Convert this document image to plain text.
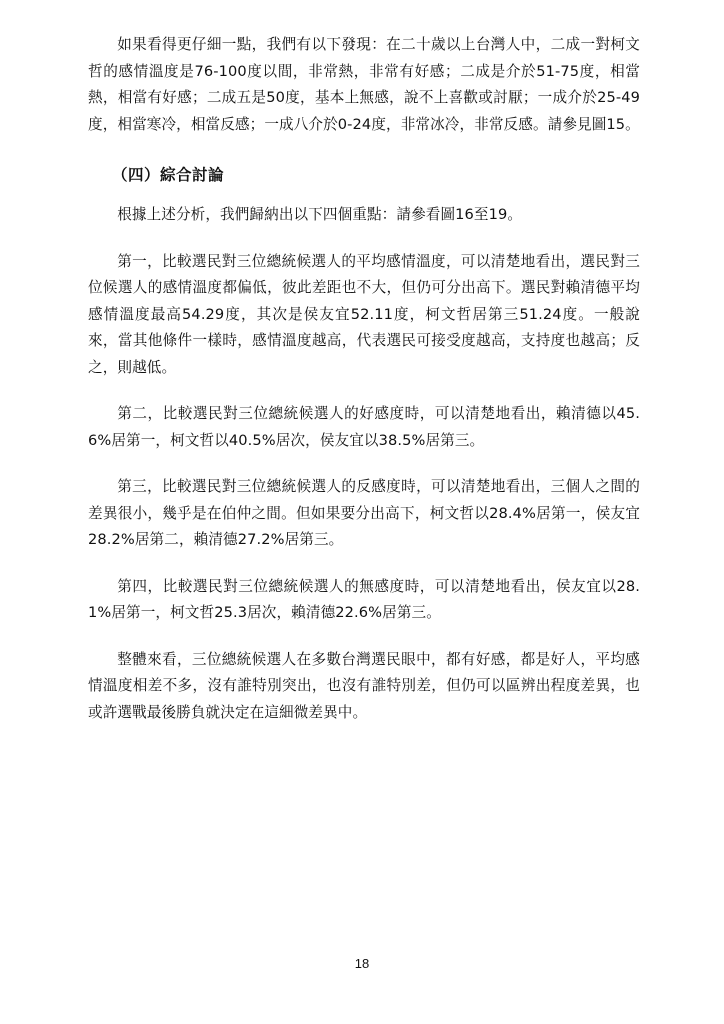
如果看得更仔細一點，我們有以下發現：在二十歲以上台灣人中，二成一對柯文哲的感情溫度是76-100度以間，非常熱，非常有好感；二成是介於51-75度，相當熱，相當有好感；二成五是50度，基本上無感，說不上喜歡或討厭；一成介於25-49度，相當寒冷，相當反感；一成八介於0-24度，非常冰冷，非常反感。請參見圖15。

（四）綜合討論

根據上述分析，我們歸納出以下四個重點：請參看圖16至19。

第一，比較選民對三位總統候選人的平均感情溫度，可以清楚地看出，選民對三位候選人的感情溫度都偏低，彼此差距也不大，但仍可分出高下。選民對賴清德平均感情溫度最高54.29度，其次是侯友宜52.11度，柯文哲居第三51.24度。一般說來，當其他條件一樣時，感情溫度越高，代表選民可接受度越高，支持度也越高；反之，則越低。

第二，比較選民對三位總統候選人的好感度時，可以清楚地看出，賴清德以45.6%居第一，柯文哲以40.5%居次，侯友宜以38.5%居第三。

第三，比較選民對三位總統候選人的反感度時，可以清楚地看出，三個人之間的差異很小，幾乎是在伯仲之間。但如果要分出高下，柯文哲以28.4%居第一，侯友宜28.2%居第二，賴清德27.2%居第三。

第四，比較選民對三位總統候選人的無感度時，可以清楚地看出，侯友宜以28.1%居第一，柯文哲25.3居次，賴清德22.6%居第三。

整體來看，三位總統候選人在多數台灣選民眼中，都有好感，都是好人，平均感情溫度相差不多，沒有誰特別突出，也沒有誰特別差，但仍可以區辨出程度差異，也或許選戰最後勝負就決定在這細微差異中。

18
